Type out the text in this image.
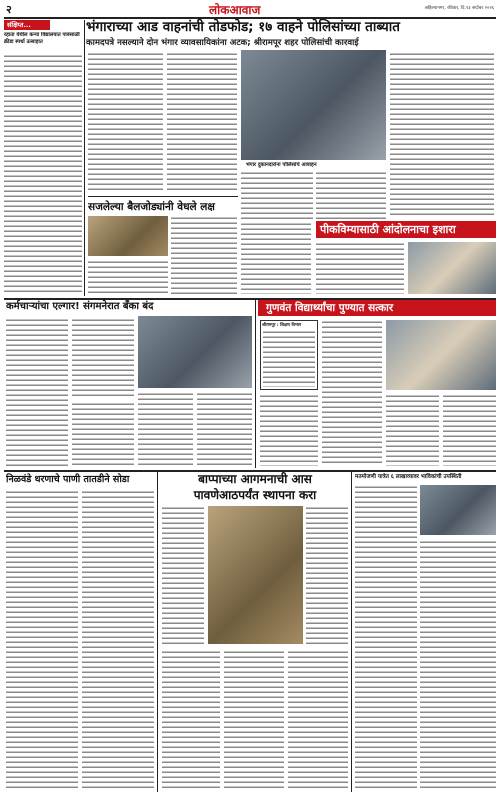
२	लोकआवाज	अहिल्यानगर, रविवार, दि.१३ सप्टेंबर २०२६
भंगाराच्या आड वाहनांची तोडफोड; १७ वाहने पोलिसांच्या ताब्यात
कामदपत्रे नसल्याने दोन भंगार व्यावसायिकांना अटक; श्रीरामपूर शहर पोलिसांची कारवाई
संक्षिप्त...
रहाता येथील कन्या विद्यालयात पावसाळी क्रीडा स्पर्धा उत्साहात
भंगार दुकानदारांना पोलिसांचे आवाहन
सजलेल्या बैलजोड्यांनी वेधले लक्ष
पीकविम्यासाठी आंदोलनाचा इशारा
कर्मचाऱ्यांचा एल्गार! संगमनेरात बँका बंद	गुणवंत विद्यार्थ्यांचा पुण्यात सत्कार
श्रीरामपूर : शिक्षण विभाग
निळवंडे धरणाचे पाणी तातडीने सोडा	बाप्पाच्या आगमनाची आस
पावणेआठपर्यंत स्थापना करा
मतमोजणी यात्रेत ६ लाखाव्यावर भाविकांची उपस्थिती
